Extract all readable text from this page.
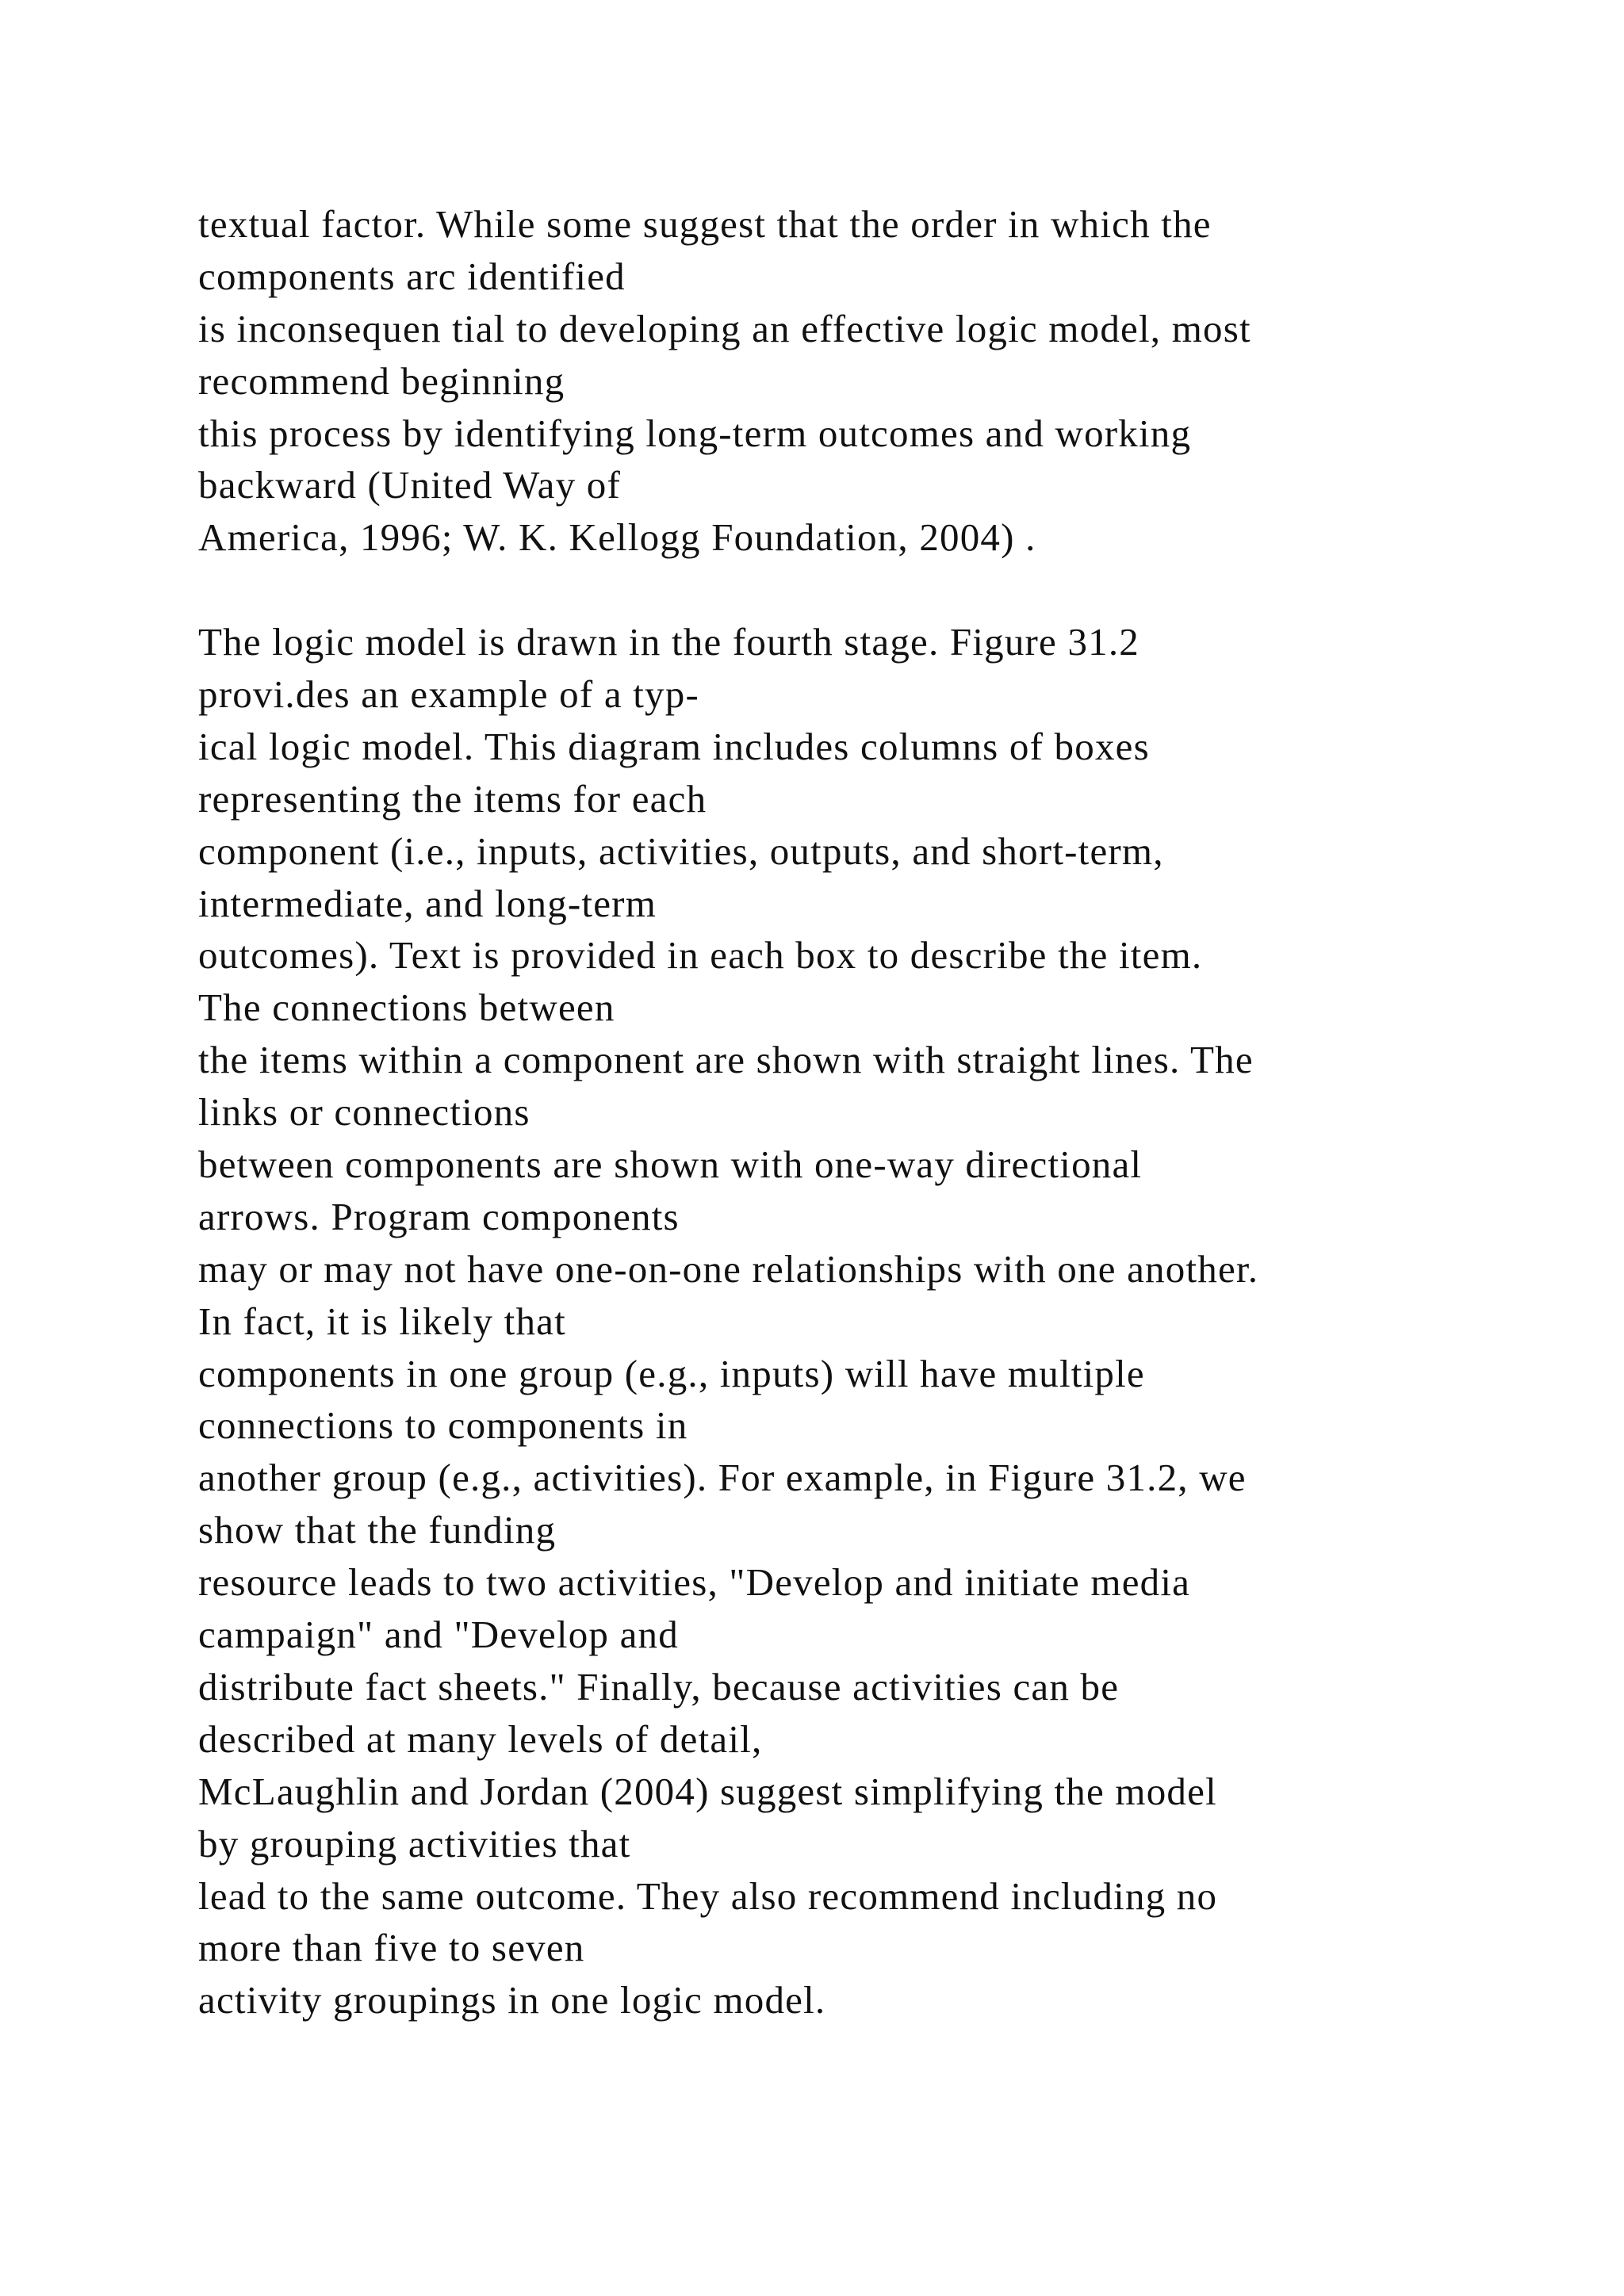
textual factor. While some suggest that the order in which the
components arc identified
is inconsequen tial to developing an effective logic model, most
recommend beginning
this process by identifying long-term outcomes and working
backward (United Way of
America, 1996; W. K. Kellogg Foundation, 2004) .
The logic model is drawn in the fourth stage. Figure 31.2
provi.des an example of a typ-
ical logic model. This diagram includes columns of boxes
representing the items for each
component (i.e., inputs, activities, outputs, and short-term,
intermediate, and long-term
outcomes). Text is provided in each box to describe the item.
The connections between
the items within a component are shown with straight lines. The
links or connections
between components are shown with one-way directional
arrows. Program components
may or may not have one-on-one relationships with one another.
In fact, it is likely that
components in one group (e.g., inputs) will have multiple
connections to components in
another group (e.g., activities). For example, in Figure 31.2, we
show that the funding
resource leads to two activities, "Develop and initiate media
campaign" and "Develop and
distribute fact sheets." Finally, because activities can be
described at many levels of detail,
McLaughlin and Jordan (2004) suggest simplifying the model
by grouping activities that
lead to the same outcome. They also recommend including no
more than five to seven
activity groupings in one logic model.
